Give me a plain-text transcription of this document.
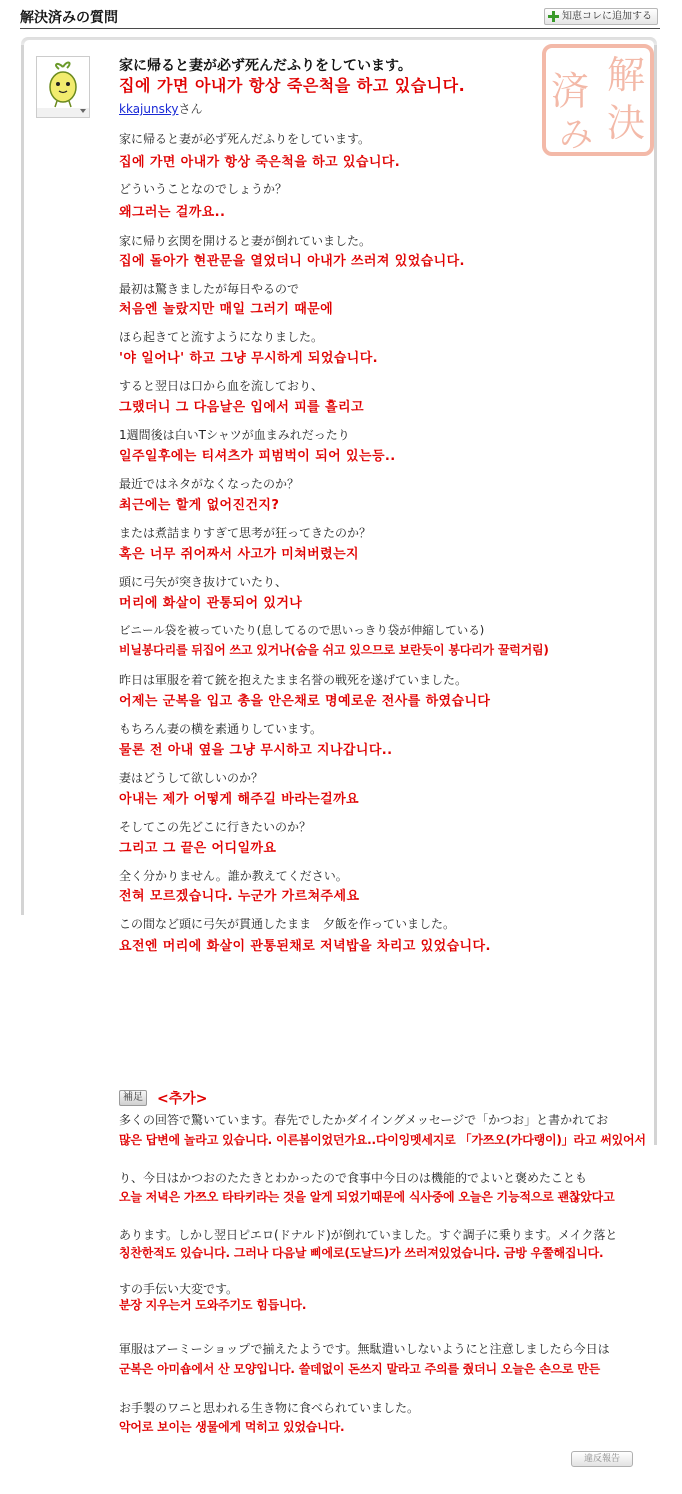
解決済みの質問	知恵コレに追加する
解
済
決
み
家に帰ると妻が必ず死んだふりをしています。
집에 가면 아내가 항상 죽은척을 하고 있습니다.
kkajunskyさん
家に帰ると妻が必ず死んだふりをしています。
집에 가면 아내가 항상 죽은척을 하고 있습니다.
どういうことなのでしょうか？
왜그러는 걸까요..
家に帰り玄関を開けると妻が倒れていました。
집에 돌아가 현관문을 열었더니 아내가 쓰러져 있었습니다.
最初は驚きましたが毎日やるので
처음엔 놀랐지만 매일 그러기 때문에
ほら起きてと流すようになりました。
'야 일어나' 하고 그냥 무시하게 되었습니다.
すると翌日は口から血を流しており、
그랬더니 그 다음날은 입에서 피를 흘리고
1週間後は白いTシャツが血まみれだったり
일주일후에는 티셔츠가 피범벅이 되어 있는등..
最近ではネタがなくなったのか？
최근에는 할게 없어진건지?
または煮詰まりすぎて思考が狂ってきたのか？
혹은 너무 쥐어짜서 사고가 미쳐버렸는지
頭に弓矢が突き抜けていたり、
머리에 화살이 관통되어 있거나
ビニール袋を被っていたり(息してるので思いっきり袋が伸縮している)
비닐봉다리를 뒤집어 쓰고 있거나(숨을 쉬고 있으므로 보란듯이 봉다리가 꿀럭거림)
昨日は軍服を着て銃を抱えたまま名誉の戦死を遂げていました。
어제는 군복을 입고 총을 안은채로 명예로운 전사를 하였습니다
もちろん妻の横を素通りしています。
물론 전 아내 옆을 그냥 무시하고 지나갑니다..
妻はどうして欲しいのか？
아내는 제가 어떻게 해주길 바라는걸까요
そしてこの先どこに行きたいのか？
그리고 그 끝은 어디일까요
全く分かりません。誰か教えてください。
전혀 모르겠습니다. 누군가 가르쳐주세요
この間など頭に弓矢が貫通したまま　夕飯を作っていました。
요전엔 머리에 화살이 관통된채로 저녁밥을 차리고 있었습니다.
補足 <추가>
多くの回答で驚いています。春先でしたかダイイングメッセージで「かつお」と書かれてお
많은 답변에 놀라고 있습니다. 이른봄이었던가요..다이잉멧세지로 「가쯔오(가다랭이)」라고 써있어서
り、今日はかつおのたたきとわかったので食事中今日のは機能的でよいと褒めたことも
오늘 저녁은 가쯔오 타타키라는 것을 알게 되었기때문에 식사중에 오늘은 기능적으로 괜찮았다고
あります。しかし翌日ピエロ(ドナルド)が倒れていました。すぐ調子に乗ります。メイク落と
칭찬한적도 있습니다. 그러나 다음날 삐에로(도날드)가 쓰러져있었습니다. 금방 우쭐해집니다.
すの手伝い大変です。
분장 지우는거 도와주기도 힘듭니다.
軍服はアーミーショップで揃えたようです。無駄遣いしないようにと注意しましたら今日は
군복은 아미숍에서 산 모양입니다. 쓸데없이 돈쓰지 말라고 주의를 줬더니 오늘은 손으로 만든
お手製のワニと思われる生き物に食べられていました。
악어로 보이는 생물에게 먹히고 있었습니다.
違反報告
